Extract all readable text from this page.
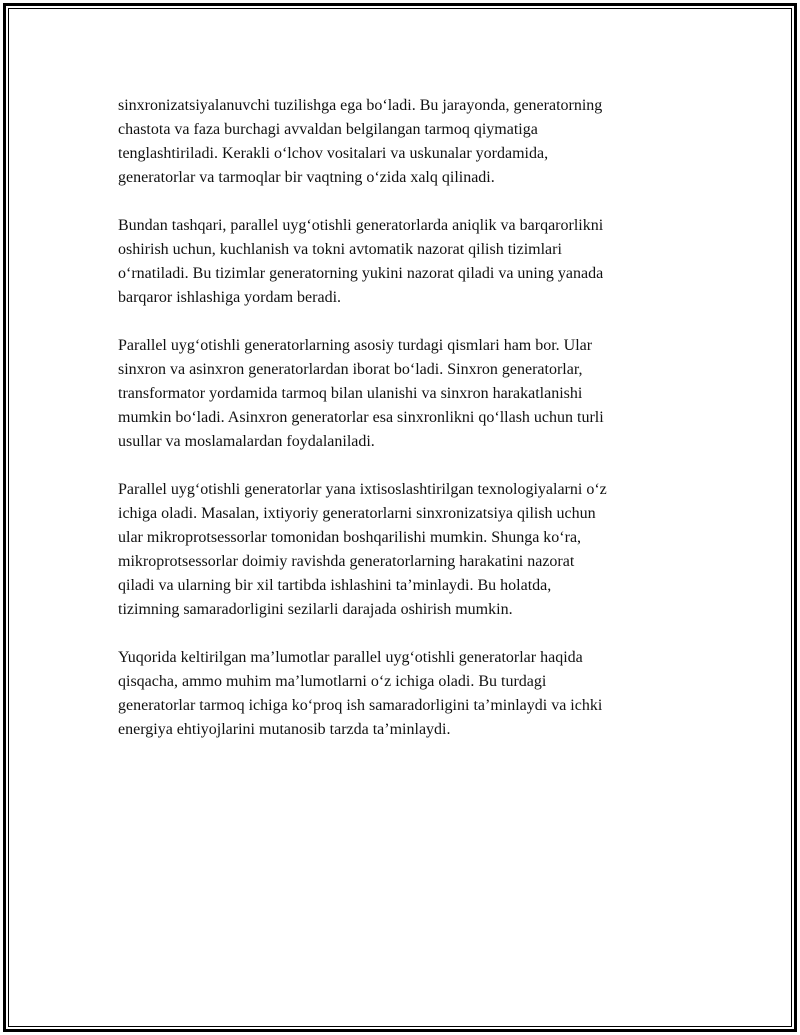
sinxronizatsiyalanuvchi tuzilishga ega bo‘ladi. Bu jarayonda, generatorning
chastota va faza burchagi avvaldan belgilangan tarmoq qiymatiga
tenglashtiriladi. Kerakli o‘lchov vositalari va uskunalar yordamida,
generatorlar va tarmoqlar bir vaqtning o‘zida xalq qilinadi.

Bundan tashqari, parallel uyg‘otishli generatorlarda aniqlik va barqarorlikni
oshirish uchun, kuchlanish va tokni avtomatik nazorat qilish tizimlari
o‘rnatiladi. Bu tizimlar generatorning yukini nazorat qiladi va uning yanada
barqaror ishlashiga yordam beradi.

Parallel uyg‘otishli generatorlarning asosiy turdagi qismlari ham bor. Ular
sinxron va asinxron generatorlardan iborat bo‘ladi. Sinxron generatorlar,
transformator yordamida tarmoq bilan ulanishi va sinxron harakatlanishi
mumkin bo‘ladi. Asinxron generatorlar esa sinxronlikni qo‘llash uchun turli
usullar va moslamalardan foydalaniladi.

Parallel uyg‘otishli generatorlar yana ixtisoslashtirilgan texnologiyalarni o‘z
ichiga oladi. Masalan, ixtiyoriy generatorlarni sinxronizatsiya qilish uchun
ular mikroprotsessorlar tomonidan boshqarilishi mumkin. Shunga ko‘ra,
mikroprotsessorlar doimiy ravishda generatorlarning harakatini nazorat
qiladi va ularning bir xil tartibda ishlashini ta’minlaydi. Bu holatda,
tizimning samaradorligini sezilarli darajada oshirish mumkin.

Yuqorida keltirilgan ma’lumotlar parallel uyg‘otishli generatorlar haqida
qisqacha, ammo muhim ma’lumotlarni o‘z ichiga oladi. Bu turdagi
generatorlar tarmoq ichiga ko‘proq ish samaradorligini ta’minlaydi va ichki
energiya ehtiyojlarini mutanosib tarzda ta’minlaydi.
